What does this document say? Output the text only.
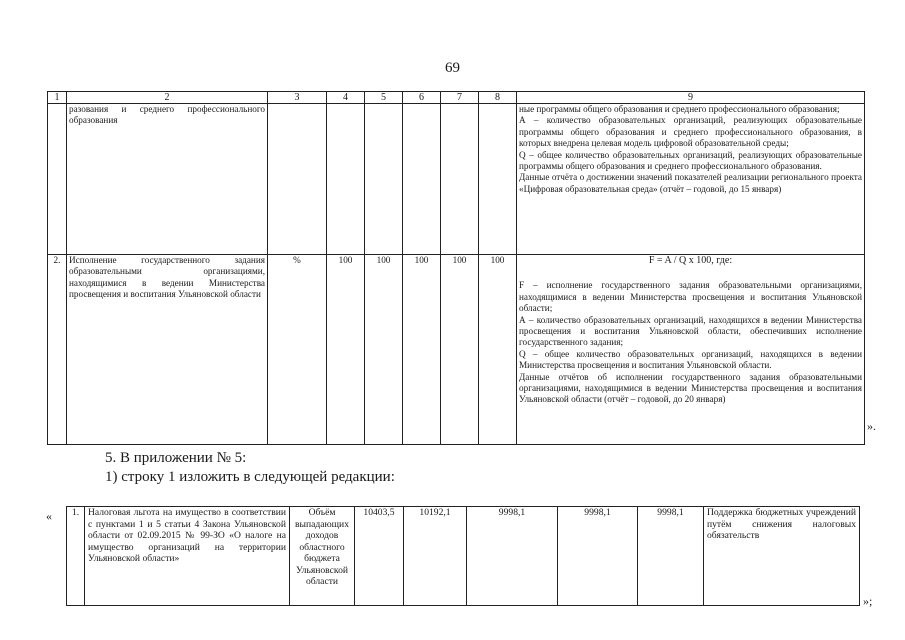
69
1	2	3	4	5	6	7	8	9
	разования и среднего профессионального образования							ные программы общего образования и среднего профессионального образования;
А – количество образовательных организаций, реализующих образовательные программы общего образования и среднего профессионального образования, в которых внедрена целевая модель цифровой образовательной среды;
Q – общее количество образовательных организаций, реализующих образовательные программы общего образования и среднего профессионального образования.
Данные отчёта о достижении значений показателей реализации регионального проекта «Цифровая образовательная среда» (отчёт – годовой, до 15 января)

2.	Исполнение государственного задания образовательными организациями, находящимися в ведении Министерства просвещения и воспитания Ульяновской области	%	100	100	100	100	100	F = A / Q x 100, где:
F – исполнение государственного задания образовательными организациями, находящимися в ведении Министерства просвещения и воспитания Ульяновской области;
А – количество образовательных организаций, находящихся в ведении Министерства просвещения и воспитания Ульяновской области, обеспечивших исполнение государственного задания;
Q – общее количество образовательных организаций, находящихся в ведении Министерства просвещения и воспитания Ульяновской области.
Данные отчётов об исполнении государственного задания образовательными организациями, находящимися в ведении Министерства просвещения и воспитания Ульяновской области (отчёт – годовой, до 20 января)
».
5. В приложении № 5:
1) строку 1 изложить в следующей редакции:
« 1.	Налоговая льгота на имущество в соответствии с пунктами 1 и 5 статьи 4 Закона Ульяновской области от 02.09.2015 № 99-ЗО «О налоге на имущество организаций на территории Ульяновской области»	Объём выпадающих доходов областного бюджета Ульяновской области	10403,5	10192,1	9998,1	9998,1	9998,1	Поддержка бюджетных учреждений путём снижения налоговых обязательств
»;
